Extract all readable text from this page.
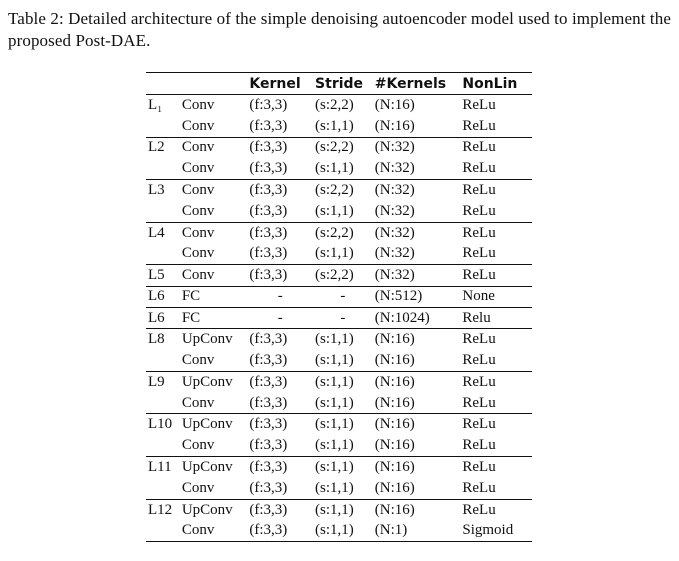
Table 2: Detailed architecture of the simple denoising autoencoder model used to implement the proposed Post-DAE.
		Kernel	Stride	#Kernels	NonLin
L₁	Conv	(f:3,3)	(s:2,2)	(N:16)	ReLu
	Conv	(f:3,3)	(s:1,1)	(N:16)	ReLu
L2	Conv	(f:3,3)	(s:2,2)	(N:32)	ReLu
	Conv	(f:3,3)	(s:1,1)	(N:32)	ReLu
L3	Conv	(f:3,3)	(s:2,2)	(N:32)	ReLu
	Conv	(f:3,3)	(s:1,1)	(N:32)	ReLu
L4	Conv	(f:3,3)	(s:2,2)	(N:32)	ReLu
	Conv	(f:3,3)	(s:1,1)	(N:32)	ReLu
L5	Conv	(f:3,3)	(s:2,2)	(N:32)	ReLu
L6	FC	-	-	(N:512)	None
L6	FC	-	-	(N:1024)	Relu
L8	UpConv	(f:3,3)	(s:1,1)	(N:16)	ReLu
	Conv	(f:3,3)	(s:1,1)	(N:16)	ReLu
L9	UpConv	(f:3,3)	(s:1,1)	(N:16)	ReLu
	Conv	(f:3,3)	(s:1,1)	(N:16)	ReLu
L10	UpConv	(f:3,3)	(s:1,1)	(N:16)	ReLu
	Conv	(f:3,3)	(s:1,1)	(N:16)	ReLu
L11	UpConv	(f:3,3)	(s:1,1)	(N:16)	ReLu
	Conv	(f:3,3)	(s:1,1)	(N:16)	ReLu
L12	UpConv	(f:3,3)	(s:1,1)	(N:16)	ReLu
	Conv	(f:3,3)	(s:1,1)	(N:1)	Sigmoid
